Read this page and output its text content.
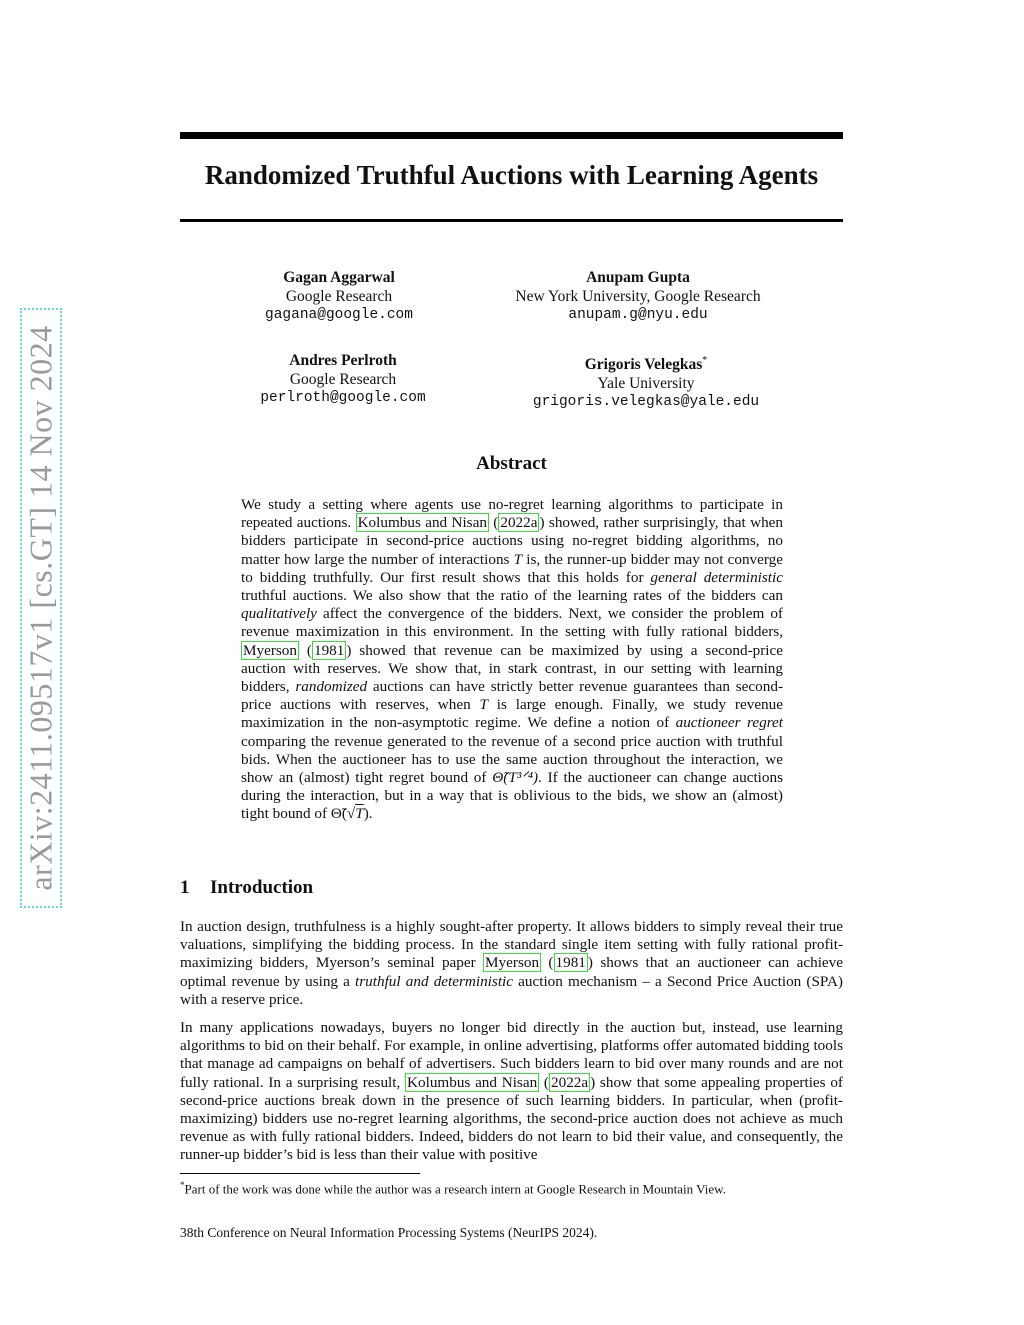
arXiv:2411.09517v1 [cs.GT] 14 Nov 2024
Randomized Truthful Auctions with Learning Agents
Gagan Aggarwal
Google Research
gagana@google.com
Anupam Gupta
New York University, Google Research
anupam.g@nyu.edu
Andres Perlroth
Google Research
perlroth@google.com
Grigoris Velegkas*
Yale University
grigoris.velegkas@yale.edu
Abstract

We study a setting where agents use no-regret learning algorithms to participate in repeated auctions. Kolumbus and Nisan ( 2022a ) showed, rather surprisingly, that when bidders participate in second-price auctions using no-regret bidding algorithms, no matter how large the number of interactions T is, the runner-up bidder may not converge to bidding truthfully. Our first result shows that this holds for general deterministic truthful auctions. We also show that the ratio of the learning rates of the bidders can qualitatively affect the convergence of the bidders. Next, we consider the problem of revenue maximization in this environment. In the setting with fully rational bidders, Myerson ( 1981 ) showed that revenue can be maximized by using a second-price auction with reserves. We show that, in stark contrast, in our setting with learning bidders, randomized auctions can have strictly better revenue guarantees than second-price auctions with reserves, when T is large enough. Finally, we study revenue maximization in the non-asymptotic regime. We define a notion of auctioneer regret comparing the revenue generated to the revenue of a second price auction with truthful bids. When the auctioneer has to use the same auction throughout the interaction, we show an (almost) tight regret bound of Θ̃(T³ᐟ⁴). If the auctioneer can change auctions during the interaction, but in a way that is oblivious to the bids, we show an (almost) tight bound of Θ̃(√T).

1 Introduction

In auction design, truthfulness is a highly sought-after property. It allows bidders to simply reveal their true valuations, simplifying the bidding process. In the standard single item setting with fully rational profit-maximizing bidders, Myerson’s seminal paper Myerson ( 1981 ) shows that an auctioneer can achieve optimal revenue by using a truthful and deterministic auction mechanism – a Second Price Auction (SPA) with a reserve price.

In many applications nowadays, buyers no longer bid directly in the auction but, instead, use learning algorithms to bid on their behalf. For example, in online advertising, platforms offer automated bidding tools that manage ad campaigns on behalf of advertisers. Such bidders learn to bid over many rounds and are not fully rational. In a surprising result, Kolumbus and Nisan ( 2022a ) show that some appealing properties of second-price auctions break down in the presence of such learning bidders. In particular, when (profit-maximizing) bidders use no-regret learning algorithms, the second-price auction does not achieve as much revenue as with fully rational bidders. Indeed, bidders do not learn to bid their value, and consequently, the runner-up bidder’s bid is less than their value with positive

*Part of the work was done while the author was a research intern at Google Research in Mountain View.

38th Conference on Neural Information Processing Systems (NeurIPS 2024).
